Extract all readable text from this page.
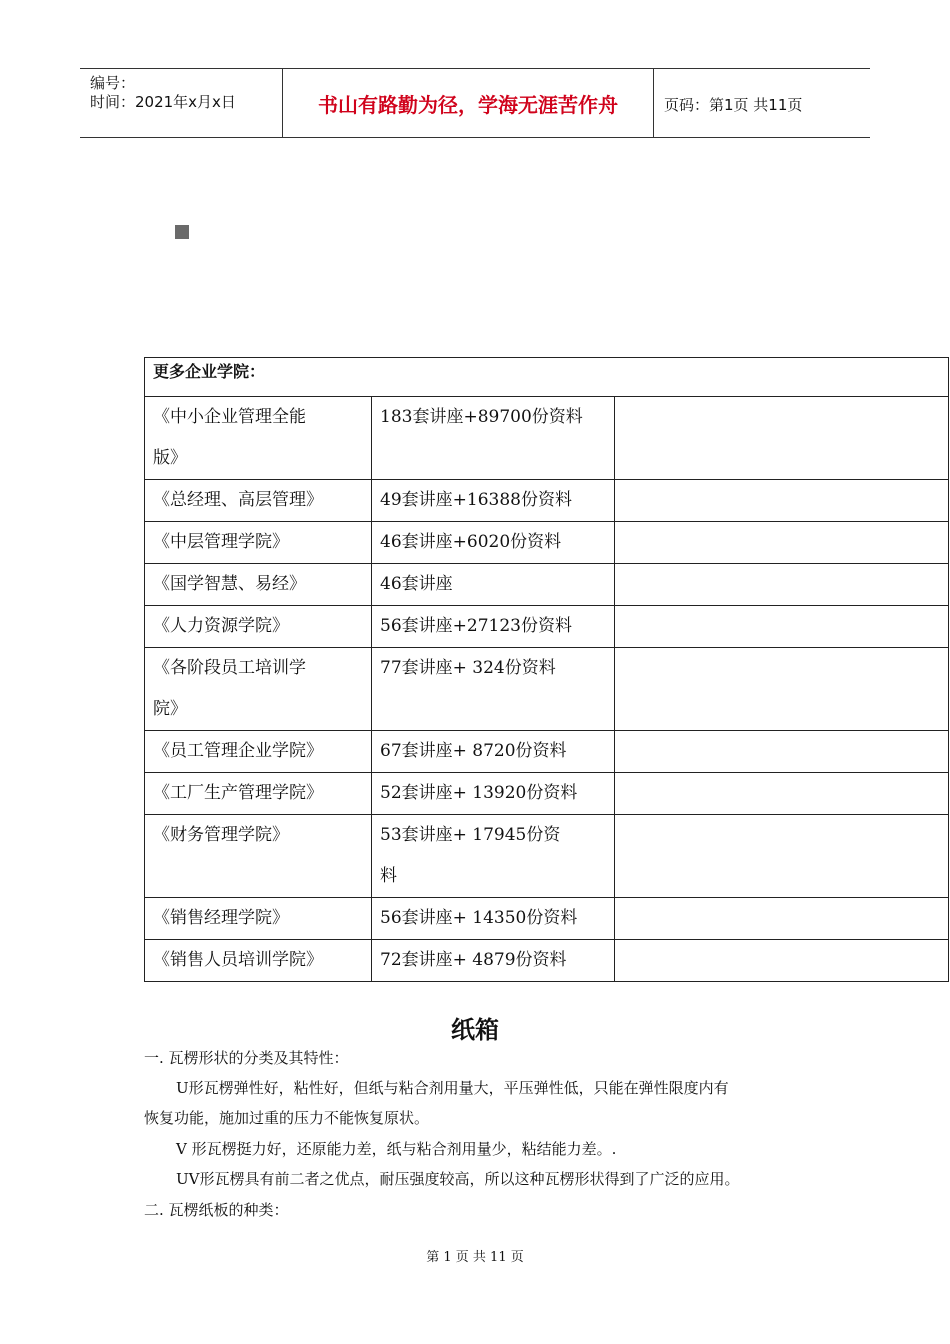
编号：
时间：2021年x月x日	书山有路勤为径，学海无涯苦作舟	页码：第1页 共11页
更多企业学院：		
《中小企业管理全能
版》	183套讲座+89700份资料	
《总经理、高层管理》	49套讲座+16388份资料	
《中层管理学院》	46套讲座+6020份资料	
《国学智慧、易经》	46套讲座	
《人力资源学院》	56套讲座+27123份资料	
《各阶段员工培训学
院》	77套讲座+ 324份资料	
《员工管理企业学院》	67套讲座+ 8720份资料	
《工厂生产管理学院》	52套讲座+ 13920份资料	
《财务管理学院》	53套讲座+ 17945份资
料	
《销售经理学院》	56套讲座+ 14350份资料	
《销售人员培训学院》	72套讲座+ 4879份资料	
纸箱
一. 瓦楞形状的分类及其特性：
U形瓦楞弹性好，粘性好，但纸与粘合剂用量大，平压弹性低，只能在弹性限度内有
恢复功能，施加过重的压力不能恢复原状。
V 形瓦楞挺力好，还原能力差，纸与粘合剂用量少，粘结能力差。.
UV形瓦楞具有前二者之优点，耐压强度较高，所以这种瓦楞形状得到了广泛的应用。
二. 瓦楞纸板的种类：
第 1 页 共 11 页
